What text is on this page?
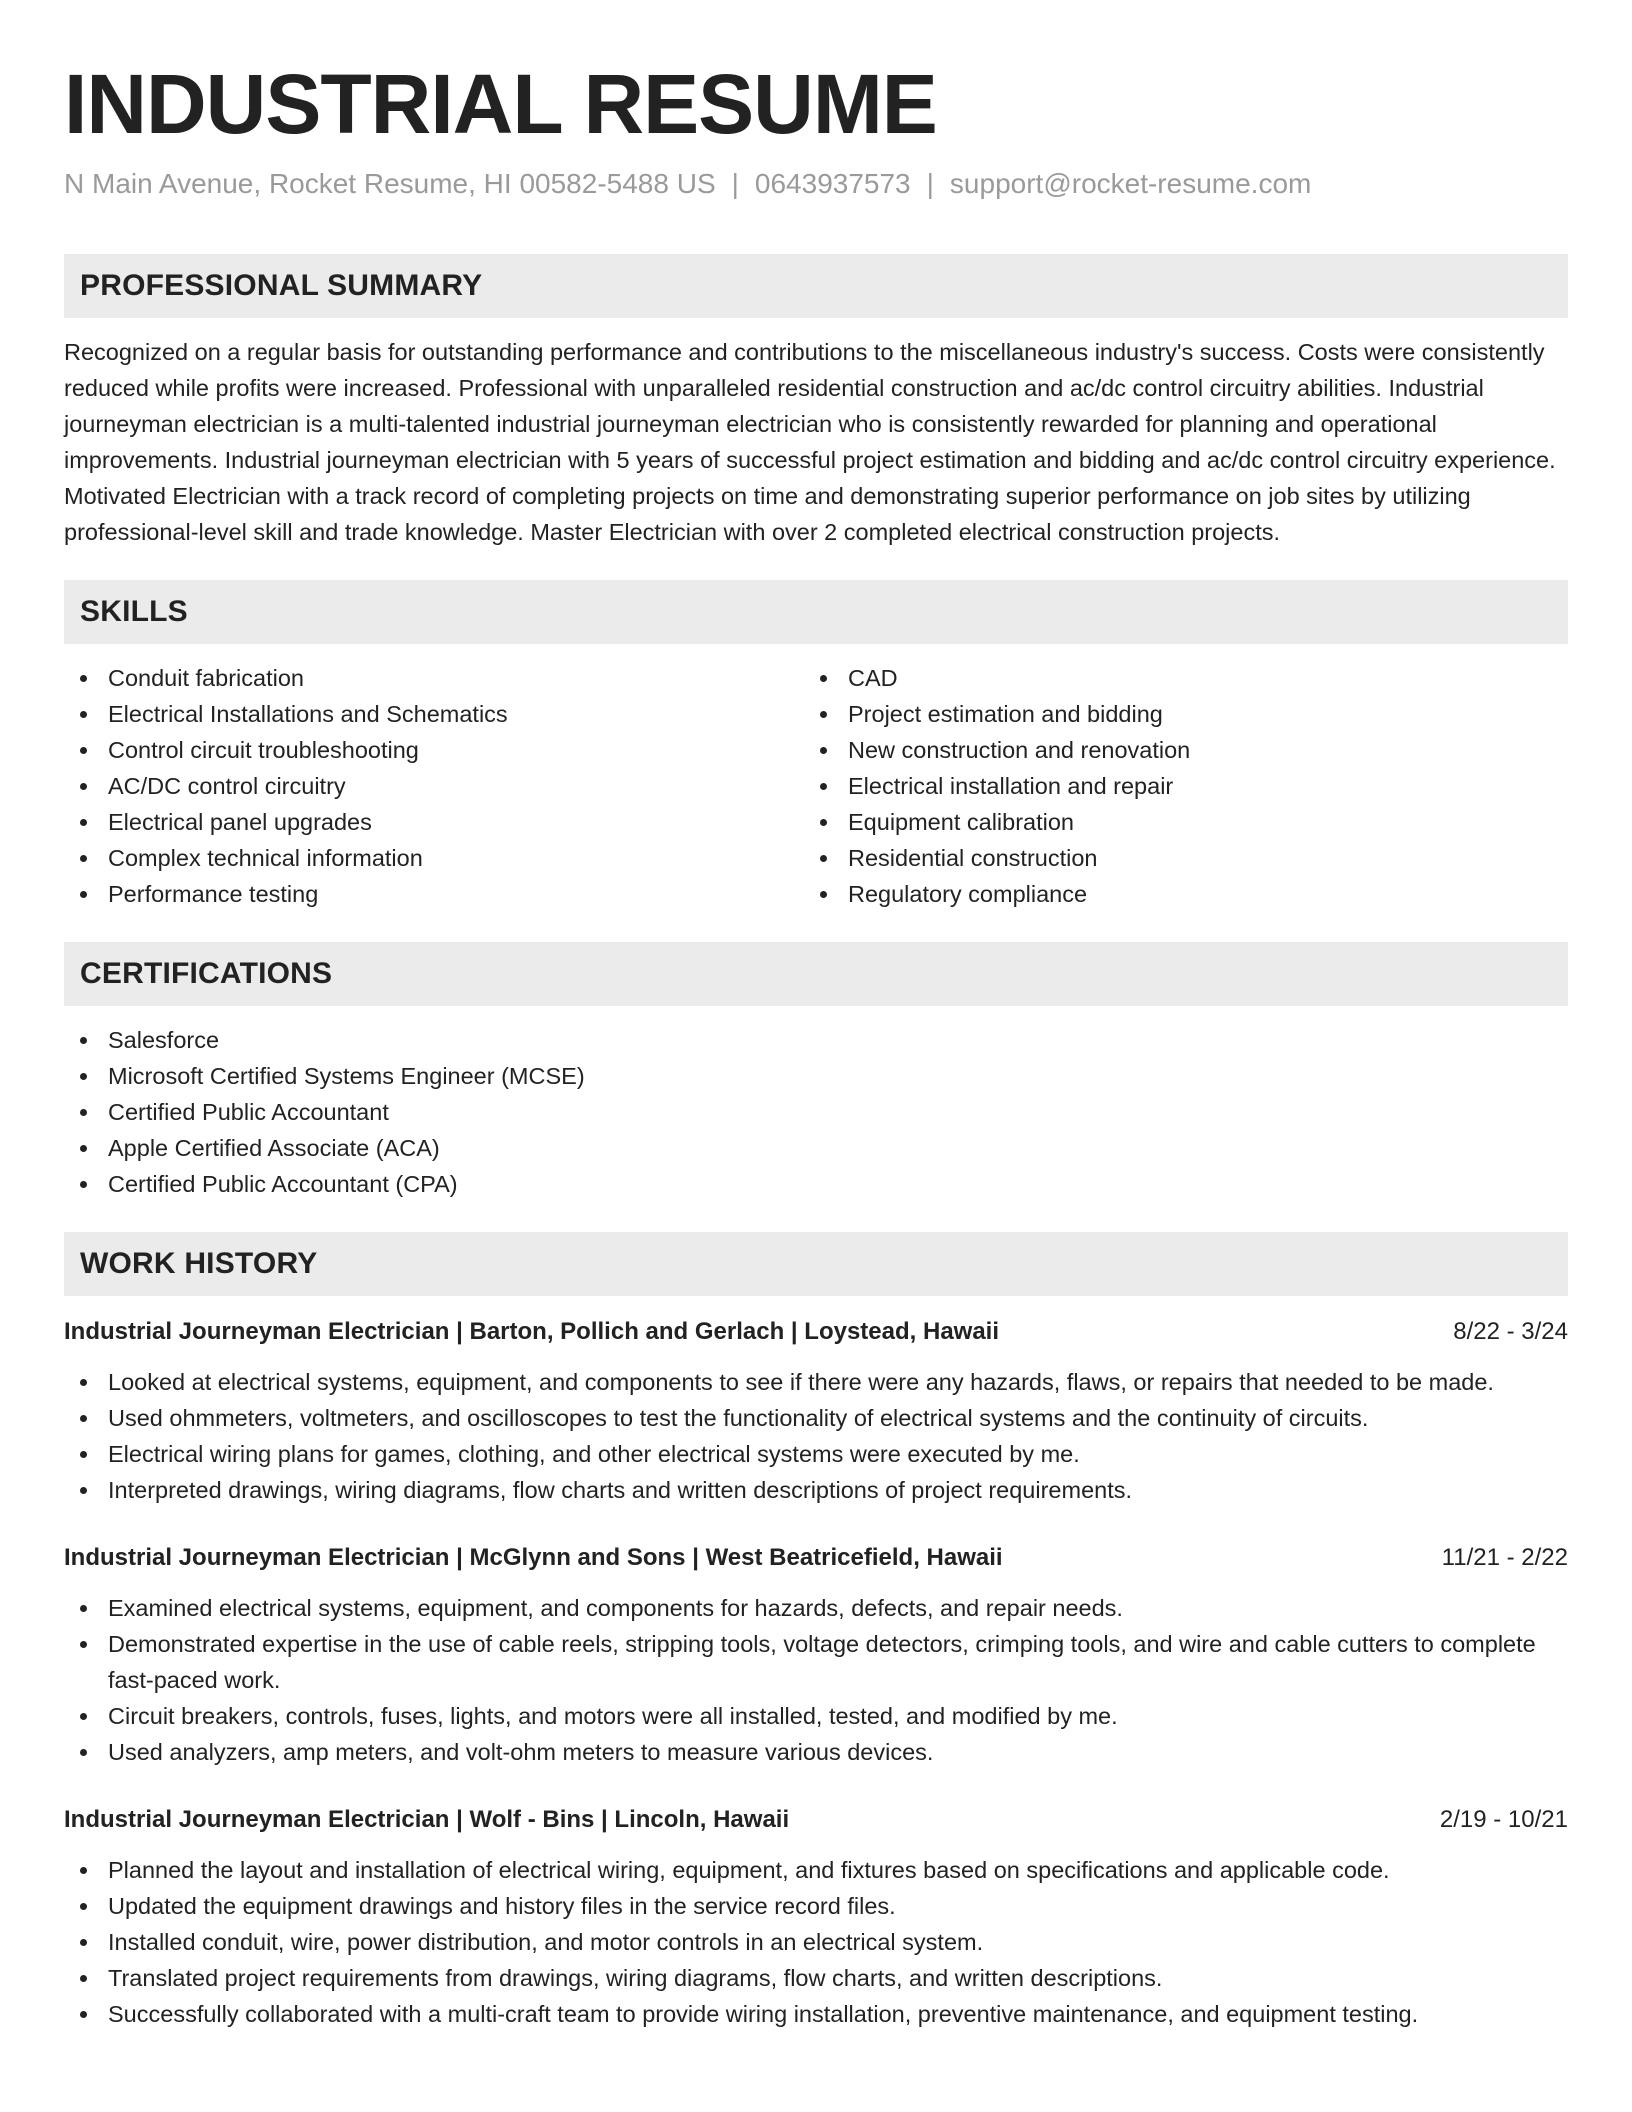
INDUSTRIAL RESUME
N Main Avenue, Rocket Resume, HI 00582-5488 US | 0643937573 | support@rocket-resume.com
PROFESSIONAL SUMMARY

Recognized on a regular basis for outstanding performance and contributions to the miscellaneous industry's success. Costs were consistently reduced while profits were increased. Professional with unparalleled residential construction and ac/dc control circuitry abilities. Industrial journeyman electrician is a multi-talented industrial journeyman electrician who is consistently rewarded for planning and operational improvements. Industrial journeyman electrician with 5 years of successful project estimation and bidding and ac/dc control circuitry experience. Motivated Electrician with a track record of completing projects on time and demonstrating superior performance on job sites by utilizing professional-level skill and trade knowledge. Master Electrician with over 2 completed electrical construction projects.

SKILLS
Conduit fabrication
Electrical Installations and Schematics
Control circuit troubleshooting
AC/DC control circuitry
Electrical panel upgrades
Complex technical information
Performance testing
CAD
Project estimation and bidding
New construction and renovation
Electrical installation and repair
Equipment calibration
Residential construction
Regulatory compliance
CERTIFICATIONS
Salesforce
Microsoft Certified Systems Engineer (MCSE)
Certified Public Accountant
Apple Certified Associate (ACA)
Certified Public Accountant (CPA)
WORK HISTORY
Industrial Journeyman Electrician | Barton, Pollich and Gerlach | Loystead, Hawaii	8/22 - 3/24
Looked at electrical systems, equipment, and components to see if there were any hazards, flaws, or repairs that needed to be made.
Used ohmmeters, voltmeters, and oscilloscopes to test the functionality of electrical systems and the continuity of circuits.
Electrical wiring plans for games, clothing, and other electrical systems were executed by me.
Interpreted drawings, wiring diagrams, flow charts and written descriptions of project requirements.
Industrial Journeyman Electrician | McGlynn and Sons | West Beatricefield, Hawaii	11/21 - 2/22
Examined electrical systems, equipment, and components for hazards, defects, and repair needs.
Demonstrated expertise in the use of cable reels, stripping tools, voltage detectors, crimping tools, and wire and cable cutters to complete fast-paced work.
Circuit breakers, controls, fuses, lights, and motors were all installed, tested, and modified by me.
Used analyzers, amp meters, and volt-ohm meters to measure various devices.
Industrial Journeyman Electrician | Wolf - Bins | Lincoln, Hawaii	2/19 - 10/21
Planned the layout and installation of electrical wiring, equipment, and fixtures based on specifications and applicable code.
Updated the equipment drawings and history files in the service record files.
Installed conduit, wire, power distribution, and motor controls in an electrical system.
Translated project requirements from drawings, wiring diagrams, flow charts, and written descriptions.
Successfully collaborated with a multi-craft team to provide wiring installation, preventive maintenance, and equipment testing.
